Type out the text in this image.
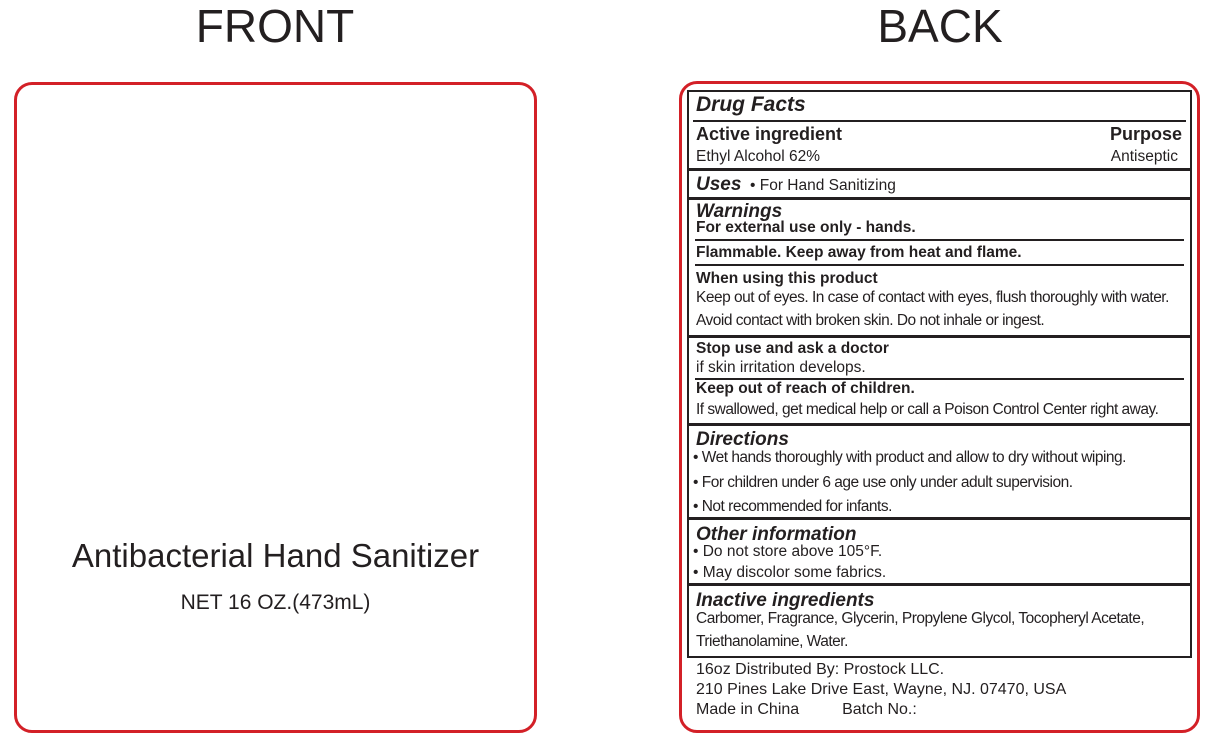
FRONT	BACK
Antibacterial Hand Sanitizer
NET 16 OZ.(473mL)
Drug Facts
Active ingredient	Purpose
Ethyl Alcohol 62%	Antiseptic
Uses • For Hand Sanitizing
Warnings
For external use only - hands.
Flammable. Keep away from heat and flame.
When using this product
Keep out of eyes. In case of contact with eyes, flush thoroughly with water.
Avoid contact with broken skin. Do not inhale or ingest.
Stop use and ask a doctor
if skin irritation develops.
Keep out of reach of children.
If swallowed, get medical help or call a Poison Control Center right away.
Directions
• Wet hands thoroughly with product and allow to dry without wiping.
• For children under 6 age use only under adult supervision.
• Not recommended for infants.
Other information
• Do not store above 105°F.
• May discolor some fabrics.
Inactive ingredients
Carbomer, Fragrance, Glycerin, Propylene Glycol, Tocopheryl Acetate,
Triethanolamine, Water.
16oz Distributed By: Prostock LLC.
210 Pines Lake Drive East, Wayne, NJ. 07470, USA
Made in China	Batch No.:
